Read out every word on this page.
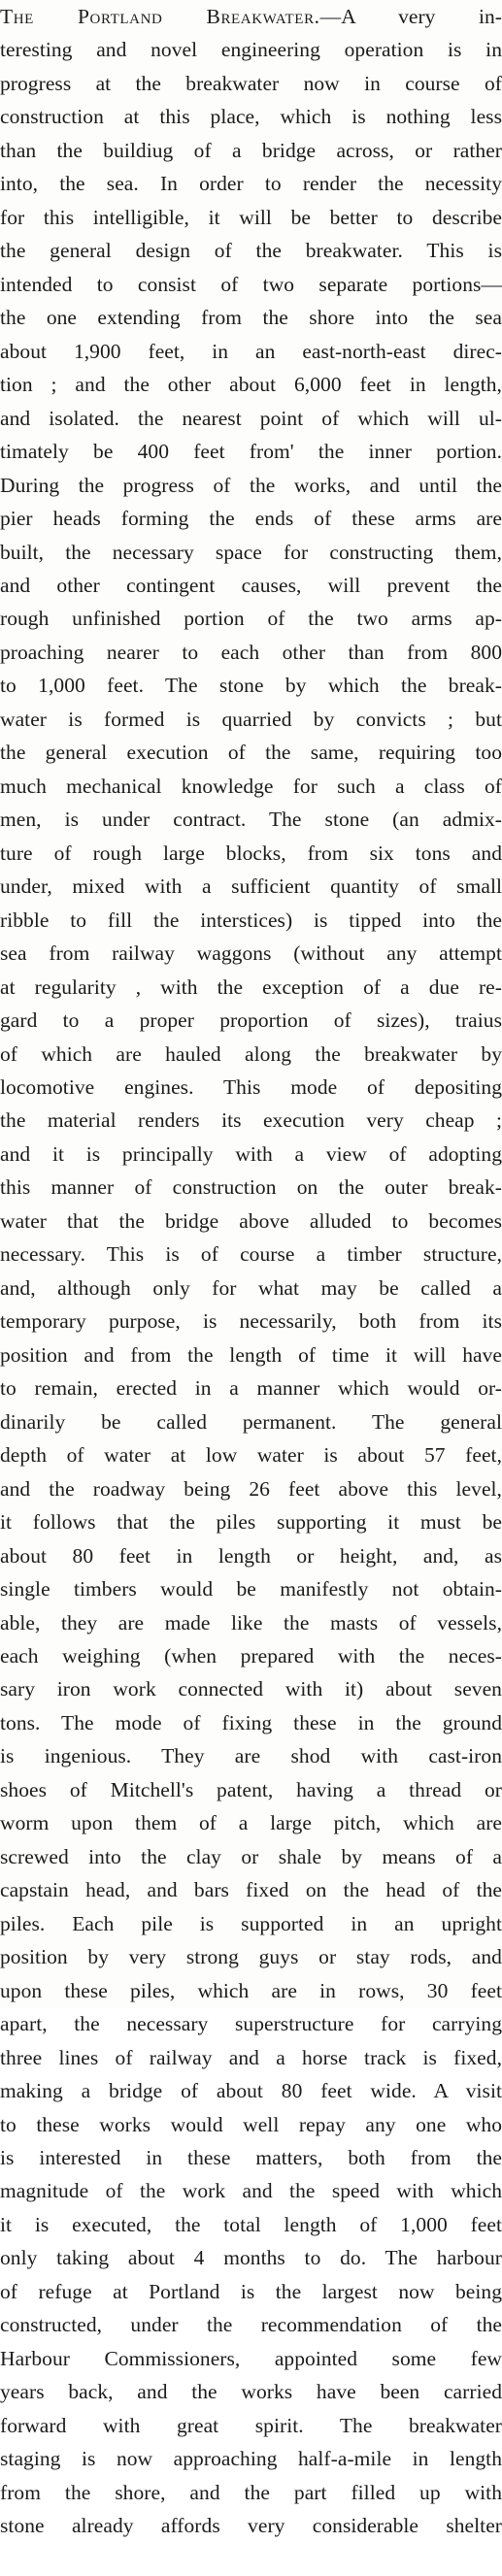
The Portland Breakwater.—A very in-
teresting and novel engineering operation is in
progress at the breakwater now in course of
construction at this place, which is nothing less
than the buildiug of a bridge across, or rather
into, the sea. In order to render the necessity
for this intelligible, it will be better to describe
the general design of the breakwater. This is
intended to consist of two separate portions—
the one extending from the shore into the sea
about 1,900 feet, in an east-north-east direc-
tion ; and the other about 6,000 feet in length,
and isolated. the nearest point of which will ul-
timately be 400 feet from' the inner portion.
During the progress of the works, and until the
pier heads forming the ends of these arms are
built, the necessary space for constructing them,
and other contingent causes, will prevent the
rough unfinished portion of the two arms ap-
proaching nearer to each other than from 800
to 1,000 feet. The stone by which the break-
water is formed is quarried by convicts ; but
the general execution of the same, requiring too
much mechanical knowledge for such a class of
men, is under contract. The stone (an admix-
ture of rough large blocks, from six tons and
under, mixed with a sufficient quantity of small
ribble to fill the interstices) is tipped into the
sea from railway waggons (without any attempt
at regularity , with the exception of a due re-
gard to a proper proportion of sizes), traius
of which are hauled along the breakwater by
locomotive engines. This mode of depositing
the material renders its execution very cheap ;
and it is principally with a view of adopting
this manner of construction on the outer break-
water that the bridge above alluded to becomes
necessary. This is of course a timber structure,
and, although only for what may be called a
temporary purpose, is necessarily, both from its
position and from the length of time it will have
to remain, erected in a manner which would or-
dinarily be called permanent. The general
depth of water at low water is about 57 feet,
and the roadway being 26 feet above this level,
it follows that the piles supporting it must be
about 80 feet in length or height, and, as
single timbers would be manifestly not obtain-
able, they are made like the masts of vessels,
each weighing (when prepared with the neces-
sary iron work connected with it) about seven
tons. The mode of fixing these in the ground
is ingenious. They are shod with cast-iron
shoes of Mitchell's patent, having a thread or
worm upon them of a large pitch, which are
screwed into the clay or shale by means of a
capstain head, and bars fixed on the head of the
piles. Each pile is supported in an upright
position by very strong guys or stay rods, and
upon these piles, which are in rows, 30 feet
apart, the necessary superstructure for carrying
three lines of railway and a horse track is fixed,
making a bridge of about 80 feet wide. A visit
to these works would well repay any one who
is interested in these matters, both from the
magnitude of the work and the speed with which
it is executed, the total length of 1,000 feet
only taking about 4 months to do. The harbour
of refuge at Portland is the largest now being
constructed, under the recommendation of the
Harbour Commissioners, appointed some few
years back, and the works have been carried
forward with great spirit. The breakwater
staging is now approaching half-a-mile in length
from the shore, and the part filled up with
stone already affords very considerable shelter
